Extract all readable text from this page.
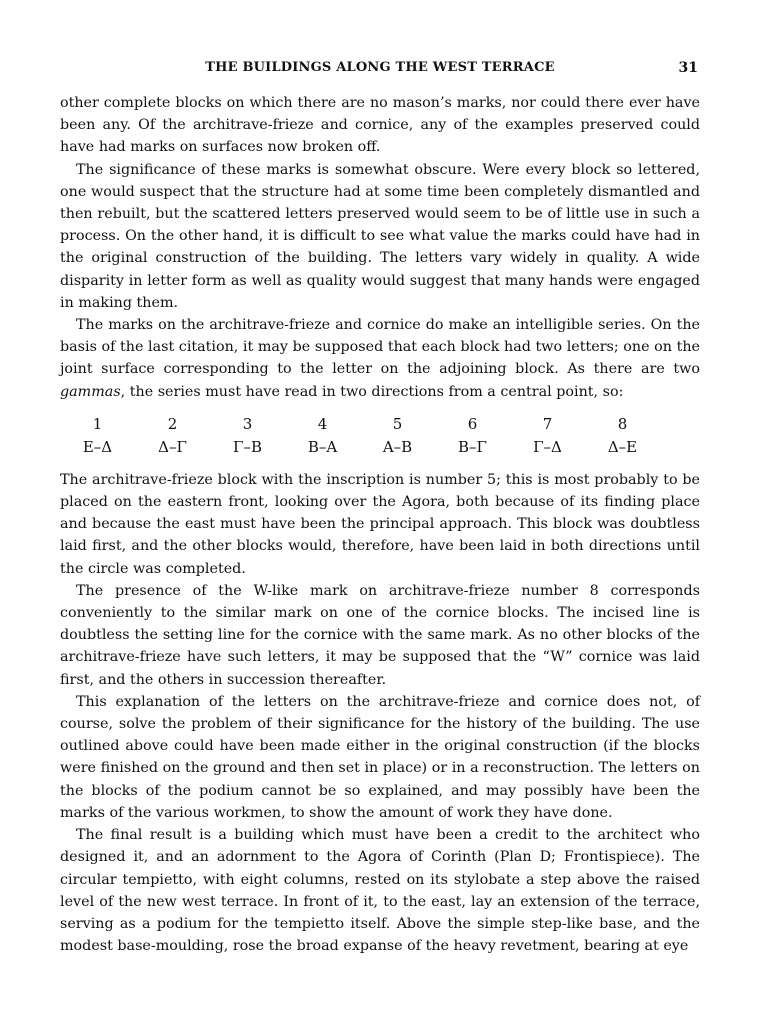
THE BUILDINGS ALONG THE WEST TERRACE	31

other complete blocks on which there are no mason’s marks, nor could there ever have been any. Of the architrave-frieze and cornice, any of the examples preserved could have had marks on surfaces now broken off.

The significance of these marks is somewhat obscure. Were every block so lettered, one would suspect that the structure had at some time been completely dismantled and then rebuilt, but the scattered letters preserved would seem to be of little use in such a process. On the other hand, it is difficult to see what value the marks could have had in the original construction of the building. The letters vary widely in quality. A wide disparity in letter form as well as quality would suggest that many hands were engaged in making them.

The marks on the architrave-frieze and cornice do make an intelligible series. On the basis of the last citation, it may be supposed that each block had two letters; one on the joint surface corresponding to the letter on the adjoining block. As there are two gammas, the series must have read in two directions from a central point, so:

1
E–Δ
2
Δ–Γ
3
Γ–B
4
B–A
5
A–B
6
B–Γ
7
Γ–Δ
8
Δ–E

The architrave-frieze block with the inscription is number 5; this is most probably to be placed on the eastern front, looking over the Agora, both because of its finding place and because the east must have been the principal approach. This block was doubtless laid first, and the other blocks would, therefore, have been laid in both directions until the circle was completed.

The presence of the W-like mark on architrave-frieze number 8 corresponds conveniently to the similar mark on one of the cornice blocks. The incised line is doubtless the setting line for the cornice with the same mark. As no other blocks of the architrave-frieze have such letters, it may be supposed that the “W” cornice was laid first, and the others in succession thereafter.

This explanation of the letters on the architrave-frieze and cornice does not, of course, solve the problem of their significance for the history of the building. The use outlined above could have been made either in the original construction (if the blocks were finished on the ground and then set in place) or in a reconstruction. The letters on the blocks of the podium cannot be so explained, and may possibly have been the marks of the various workmen, to show the amount of work they have done.

The final result is a building which must have been a credit to the architect who designed it, and an adornment to the Agora of Corinth (Plan D; Frontispiece). The circular tempietto, with eight columns, rested on its stylobate a step above the raised level of the new west terrace. In front of it, to the east, lay an extension of the terrace, serving as a podium for the tempietto itself. Above the simple step-like base, and the modest base-moulding, rose the broad expanse of the heavy revetment, bearing at eye
